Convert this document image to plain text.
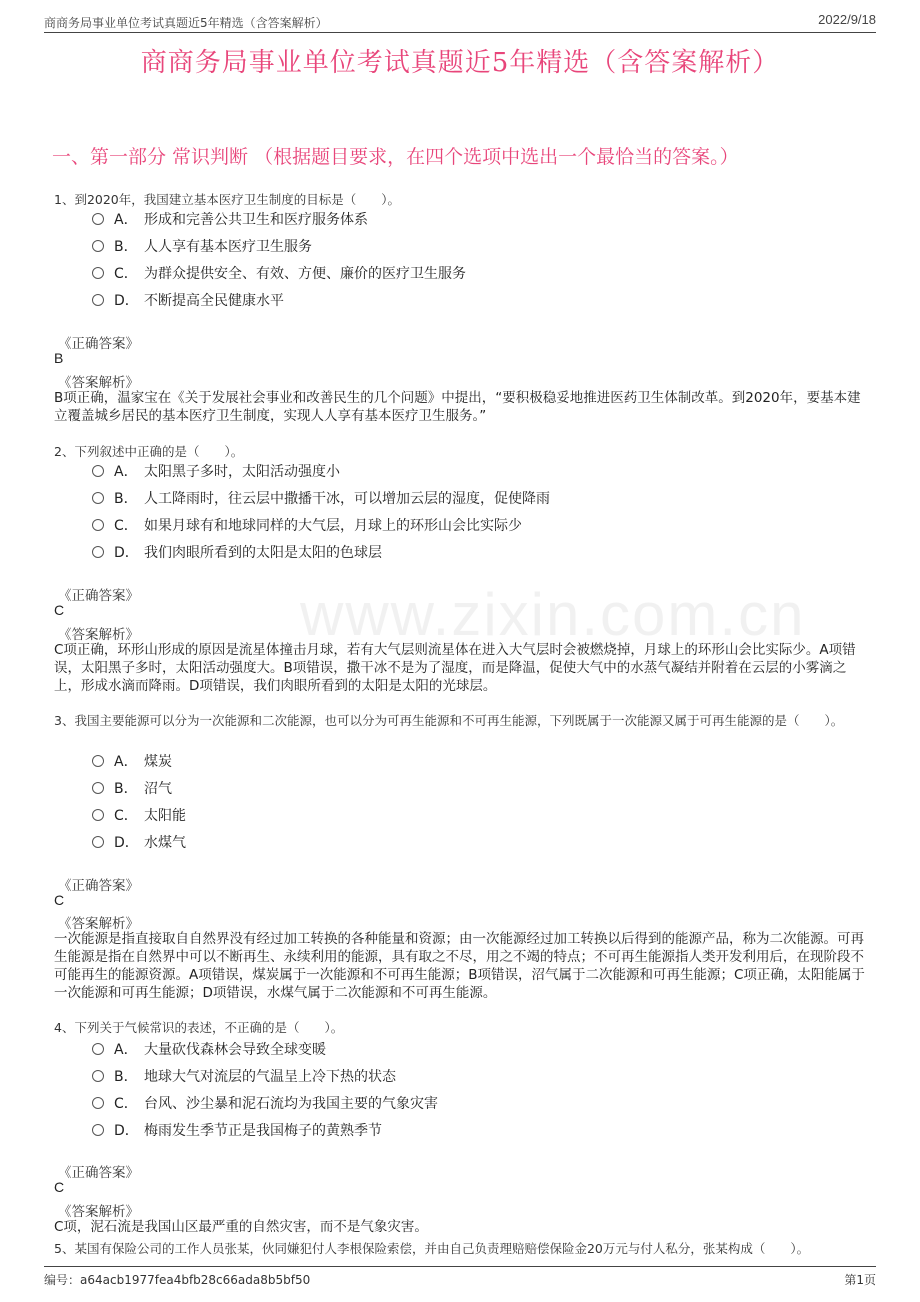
商商务局事业单位考试真题近5年精选（含答案解析）	2022/9/18
www.zixin.com.cn
商商务局事业单位考试真题近5年精选（含答案解析）
一、第一部分 常识判断 （根据题目要求，在四个选项中选出一个最恰当的答案。）
1、到2020年，我国建立基本医疗卫生制度的目标是（　　）。
A． 形成和完善公共卫生和医疗服务体系
B． 人人享有基本医疗卫生服务
C． 为群众提供安全、有效、方便、廉价的医疗卫生服务
D． 不断提高全民健康水平
《正确答案》
B
《答案解析》
B项正确，温家宝在《关于发展社会事业和改善民生的几个问题》中提出，“要积极稳妥地推进医药卫生体制改革。到2020年，要基本建立覆盖城乡居民的基本医疗卫生制度，实现人人享有基本医疗卫生服务。”
2、下列叙述中正确的是（　　）。
A． 太阳黑子多时，太阳活动强度小
B． 人工降雨时，往云层中撒播干冰，可以增加云层的湿度，促使降雨
C． 如果月球有和地球同样的大气层，月球上的环形山会比实际少
D． 我们肉眼所看到的太阳是太阳的色球层
《正确答案》
C
《答案解析》
C项正确，环形山形成的原因是流星体撞击月球，若有大气层则流星体在进入大气层时会被燃烧掉，月球上的环形山会比实际少。A项错误，太阳黑子多时，太阳活动强度大。B项错误，撒干冰不是为了湿度，而是降温，促使大气中的水蒸气凝结并附着在云层的小雾滴之上，形成水滴而降雨。D项错误，我们肉眼所看到的太阳是太阳的光球层。
3、我国主要能源可以分为一次能源和二次能源，也可以分为可再生能源和不可再生能源，下列既属于一次能源又属于可再生能源的是（　　）。
A． 煤炭
B． 沼气
C． 太阳能
D． 水煤气
《正确答案》
C
《答案解析》
一次能源是指直接取自自然界没有经过加工转换的各种能量和资源；由一次能源经过加工转换以后得到的能源产品，称为二次能源。可再生能源是指在自然界中可以不断再生、永续利用的能源，具有取之不尽，用之不竭的特点；不可再生能源指人类开发利用后，在现阶段不可能再生的能源资源。A项错误，煤炭属于一次能源和不可再生能源；B项错误，沼气属于二次能源和可再生能源；C项正确，太阳能属于一次能源和可再生能源；D项错误，水煤气属于二次能源和不可再生能源。
4、下列关于气候常识的表述，不正确的是（　　）。
A． 大量砍伐森林会导致全球变暖
B． 地球大气对流层的气温呈上冷下热的状态
C． 台风、沙尘暴和泥石流均为我国主要的气象灾害
D． 梅雨发生季节正是我国梅子的黄熟季节
《正确答案》
C
《答案解析》
C项，泥石流是我国山区最严重的自然灾害，而不是气象灾害。
5、某国有保险公司的工作人员张某，伙同嫌犯付人李根保险索偿，并由自己负责理赔赔偿保险金20万元与付人私分，张某构成（　　）。
编号：a64acb1977fea4bfb28c66ada8b5bf50	第1页
